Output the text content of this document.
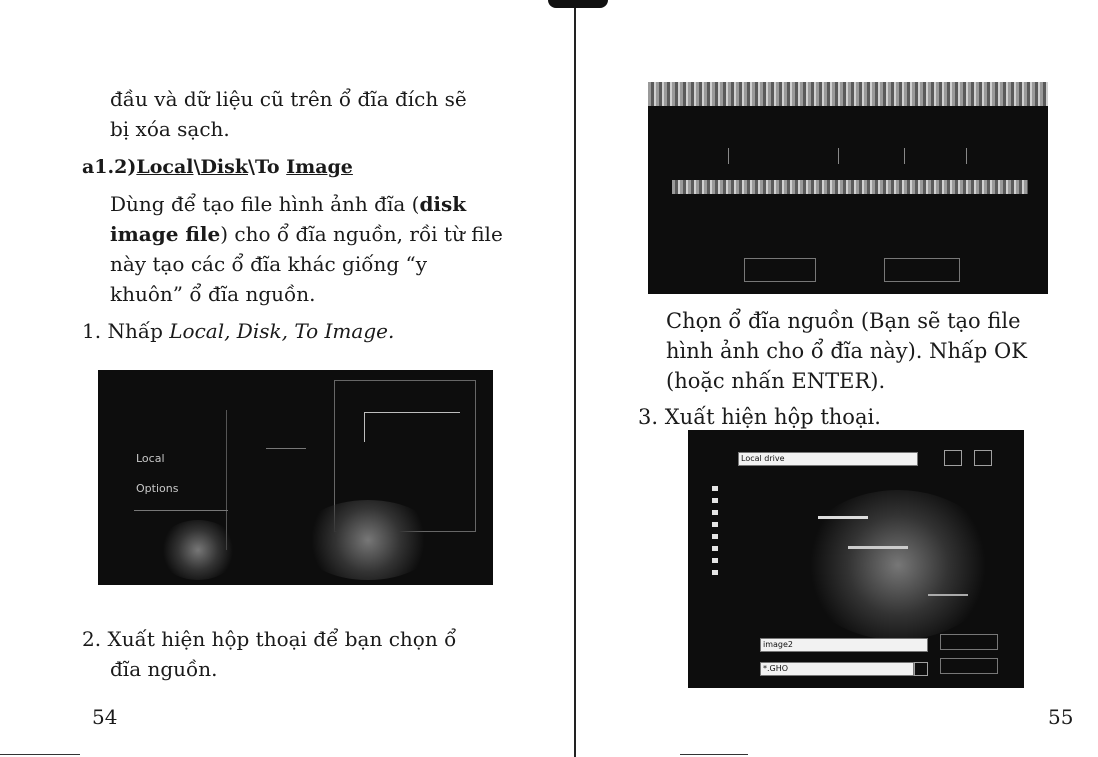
đầu và dữ liệu cũ trên ổ đĩa đích sẽ
bị xóa sạch.
a1.2)Local\Disk\To Image
Dùng để tạo file hình ảnh đĩa (disk
image file) cho ổ đĩa nguồn, rồi từ file
này tạo các ổ đĩa khác giống “y
khuôn” ổ đĩa nguồn.
1. Nhấp Local, Disk, To Image.
Local
Options
2. Xuất hiện hộp thoại để bạn chọn ổ
đĩa nguồn.
54
Chọn ổ đĩa nguồn (Bạn sẽ tạo file
hình ảnh cho ổ đĩa này). Nhấp OK
(hoặc nhấn ENTER).
3. Xuất hiện hộp thoại.
Local drive
image2
*.GHO
55
